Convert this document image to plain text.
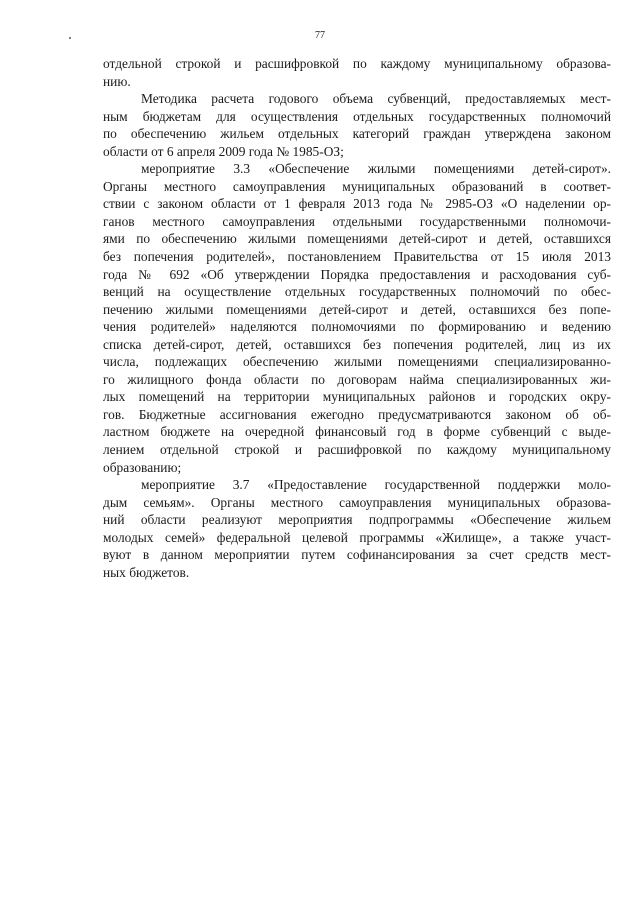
77
отдельной строкой и расшифровкой по каждому муниципальному образова-
нию.
Методика расчета годового объема субвенций, предоставляемых мест-
ным бюджетам для осуществления отдельных государственных полномочий
по обеспечению жильем отдельных категорий граждан утверждена законом
области от 6 апреля 2009 года № 1985-ОЗ;
мероприятие 3.3 «Обеспечение жилыми помещениями детей-сирот».
Органы местного самоуправления муниципальных образований в соответ-
ствии с законом области от 1 февраля 2013 года № 2985-ОЗ «О наделении ор-
ганов местного самоуправления отдельными государственными полномочи-
ями по обеспечению жилыми помещениями детей-сирот и детей, оставшихся
без попечения родителей», постановлением Правительства от 15 июля 2013
года № 692 «Об утверждении Порядка предоставления и расходования суб-
венций на осуществление отдельных государственных полномочий по обес-
печению жилыми помещениями детей-сирот и детей, оставшихся без попе-
чения родителей» наделяются полномочиями по формированию и ведению
списка детей-сирот, детей, оставшихся без попечения родителей, лиц из их
числа, подлежащих обеспечению жилыми помещениями специализированно-
го жилищного фонда области по договорам найма специализированных жи-
лых помещений на территории муниципальных районов и городских окру-
гов. Бюджетные ассигнования ежегодно предусматриваются законом об об-
ластном бюджете на очередной финансовый год в форме субвенций с выде-
лением отдельной строкой и расшифровкой по каждому муниципальному
образованию;
мероприятие 3.7 «Предоставление государственной поддержки моло-
дым семьям». Органы местного самоуправления муниципальных образова-
ний области реализуют мероприятия подпрограммы «Обеспечение жильем
молодых семей» федеральной целевой программы «Жилище», а также участ-
вуют в данном мероприятии путем софинансирования за счет средств мест-
ных бюджетов.
